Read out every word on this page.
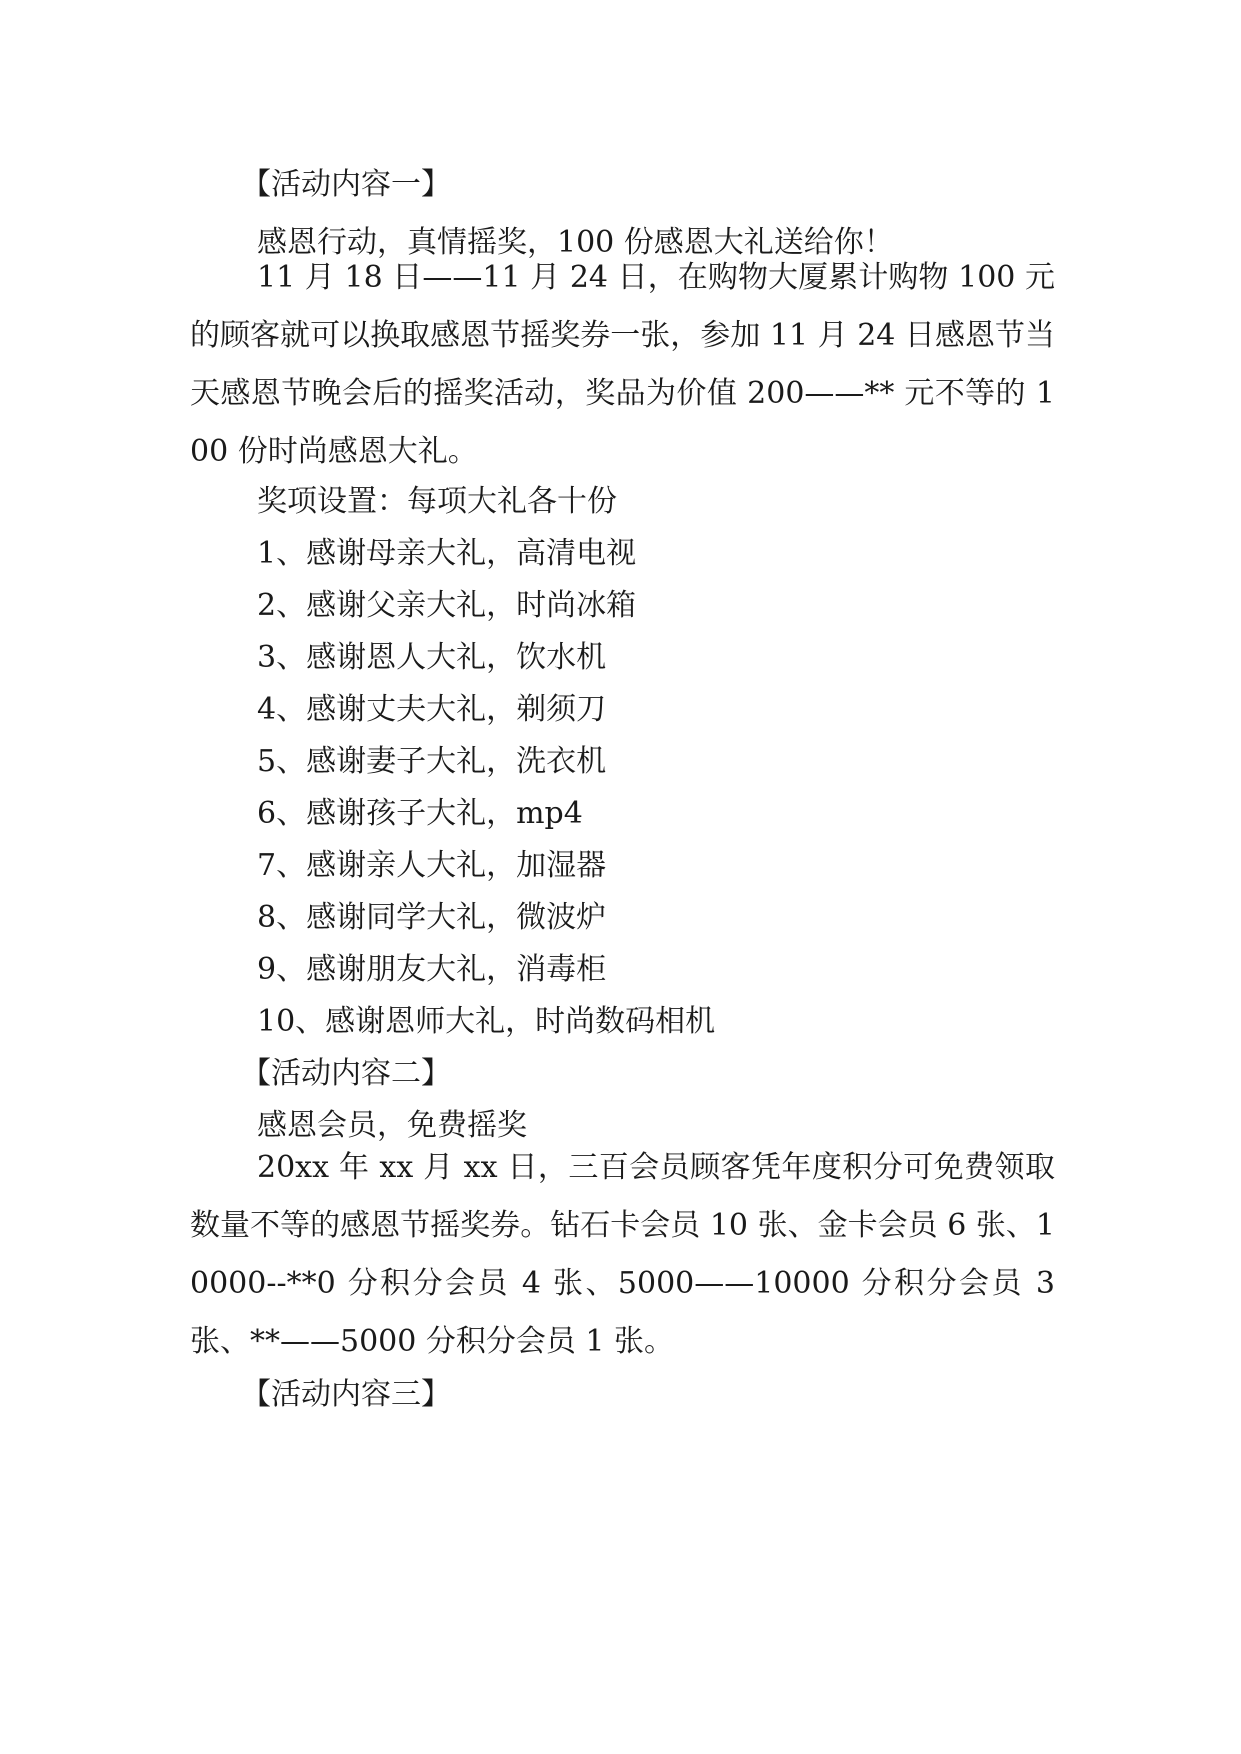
【活动内容一】
感恩行动，真情摇奖，100 份感恩大礼送给你！
11 月 18 日——11 月 24 日，在购物大厦累计购物 100 元的顾客就可以换取感恩节摇奖券一张，参加 11 月 24 日感恩节当天感恩节晚会后的摇奖活动，奖品为价值 200——** 元不等的 100 份时尚感恩大礼。
奖项设置：每项大礼各十份
1、感谢母亲大礼，高清电视
2、感谢父亲大礼，时尚冰箱
3、感谢恩人大礼，饮水机
4、感谢丈夫大礼，剃须刀
5、感谢妻子大礼，洗衣机
6、感谢孩子大礼，mp4
7、感谢亲人大礼，加湿器
8、感谢同学大礼，微波炉
9、感谢朋友大礼，消毒柜
10、感谢恩师大礼，时尚数码相机
【活动内容二】
感恩会员，免费摇奖
20xx 年 xx 月 xx 日，三百会员顾客凭年度积分可免费领取数量不等的感恩节摇奖券。钻石卡会员 10 张、金卡会员 6 张、10000--**0 分积分会员 4 张、5000——10000 分积分会员 3 张、**——5000 分积分会员 1 张。
【活动内容三】
